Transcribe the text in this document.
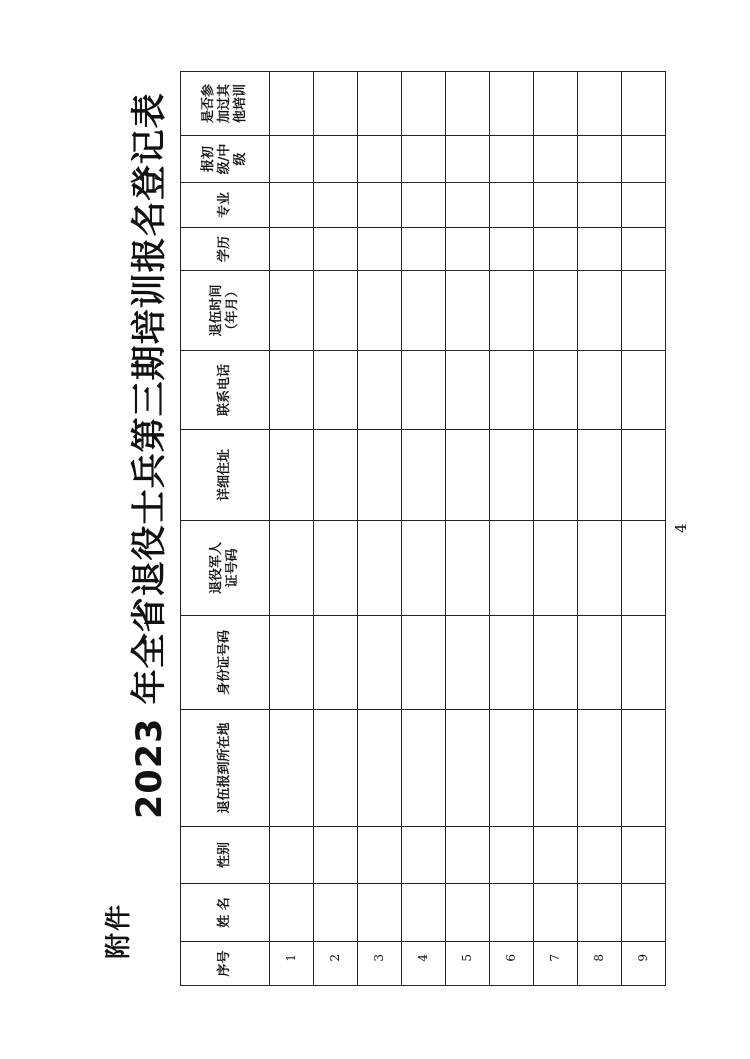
附件
2023 年全省退役士兵第三期培训报名登记表
序号	姓 名	性别	退伍报到所在地	身份证号码	退役军人证号码	详细住址	联系电话	退伍时间（年月）	学历	专业	报初级/中级	是否参加过其他培训
1												
2												
3												
4												
5												
6												
7												
8												
9												
4
